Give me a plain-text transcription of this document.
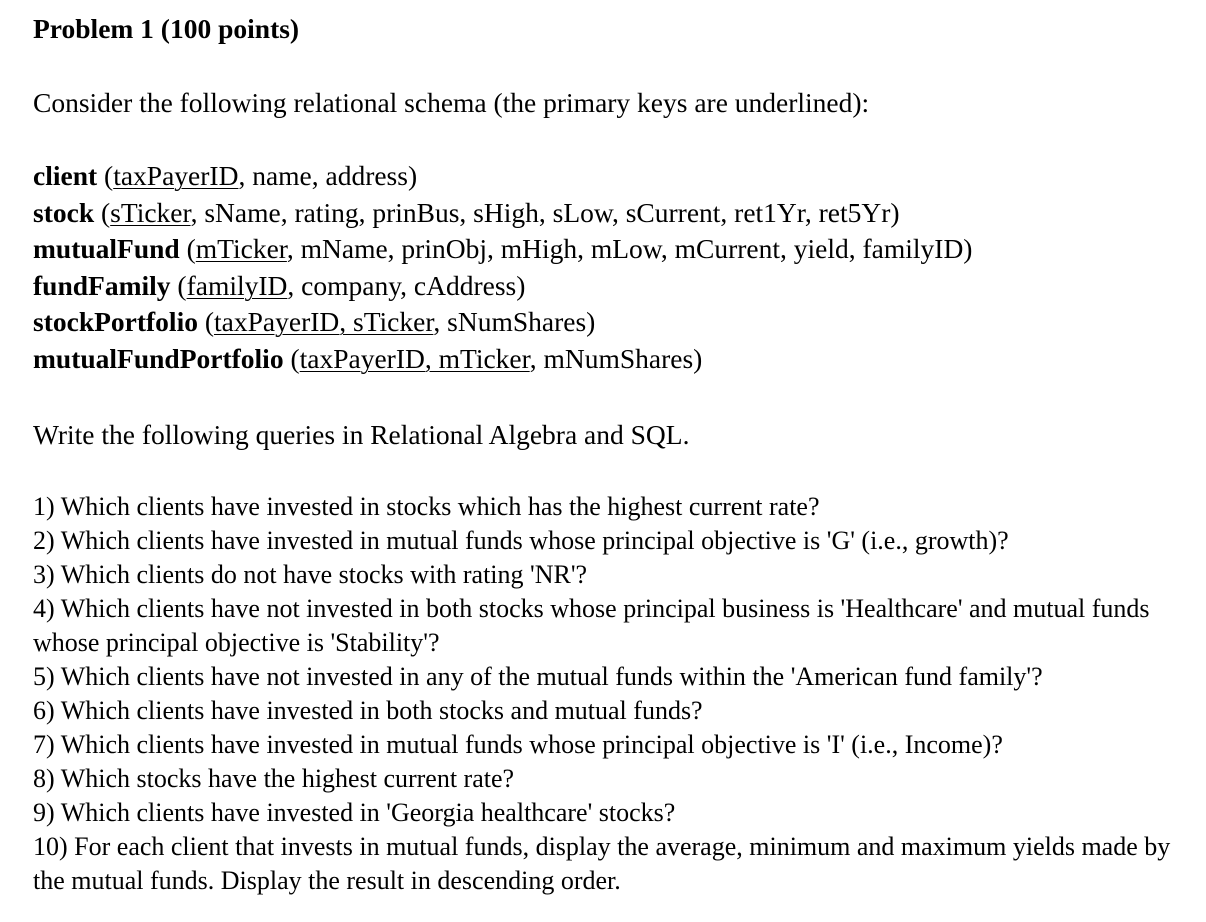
Problem 1 (100 points)
Consider the following relational schema (the primary keys are underlined):
client (taxPayerID, name, address)
stock (sTicker, sName, rating, prinBus, sHigh, sLow, sCurrent, ret1Yr, ret5Yr)
mutualFund (mTicker, mName, prinObj, mHigh, mLow, mCurrent, yield, familyID)
fundFamily (familyID, company, cAddress)
stockPortfolio (taxPayerID, sTicker, sNumShares)
mutualFundPortfolio (taxPayerID, mTicker, mNumShares)
Write the following queries in Relational Algebra and SQL.

1) Which clients have invested in stocks which has the highest current rate?

2) Which clients have invested in mutual funds whose principal objective is 'G' (i.e., growth)?

3) Which clients do not have stocks with rating 'NR'?

4) Which clients have not invested in both stocks whose principal business is 'Healthcare' and mutual funds whose principal objective is 'Stability'?

5) Which clients have not invested in any of the mutual funds within the 'American fund family'?

6) Which clients have invested in both stocks and mutual funds?

7) Which clients have invested in mutual funds whose principal objective is 'I' (i.e., Income)?

8) Which stocks have the highest current rate?

9) Which clients have invested in 'Georgia healthcare' stocks?

10) For each client that invests in mutual funds, display the average, minimum and maximum yields made by the mutual funds. Display the result in descending order.
